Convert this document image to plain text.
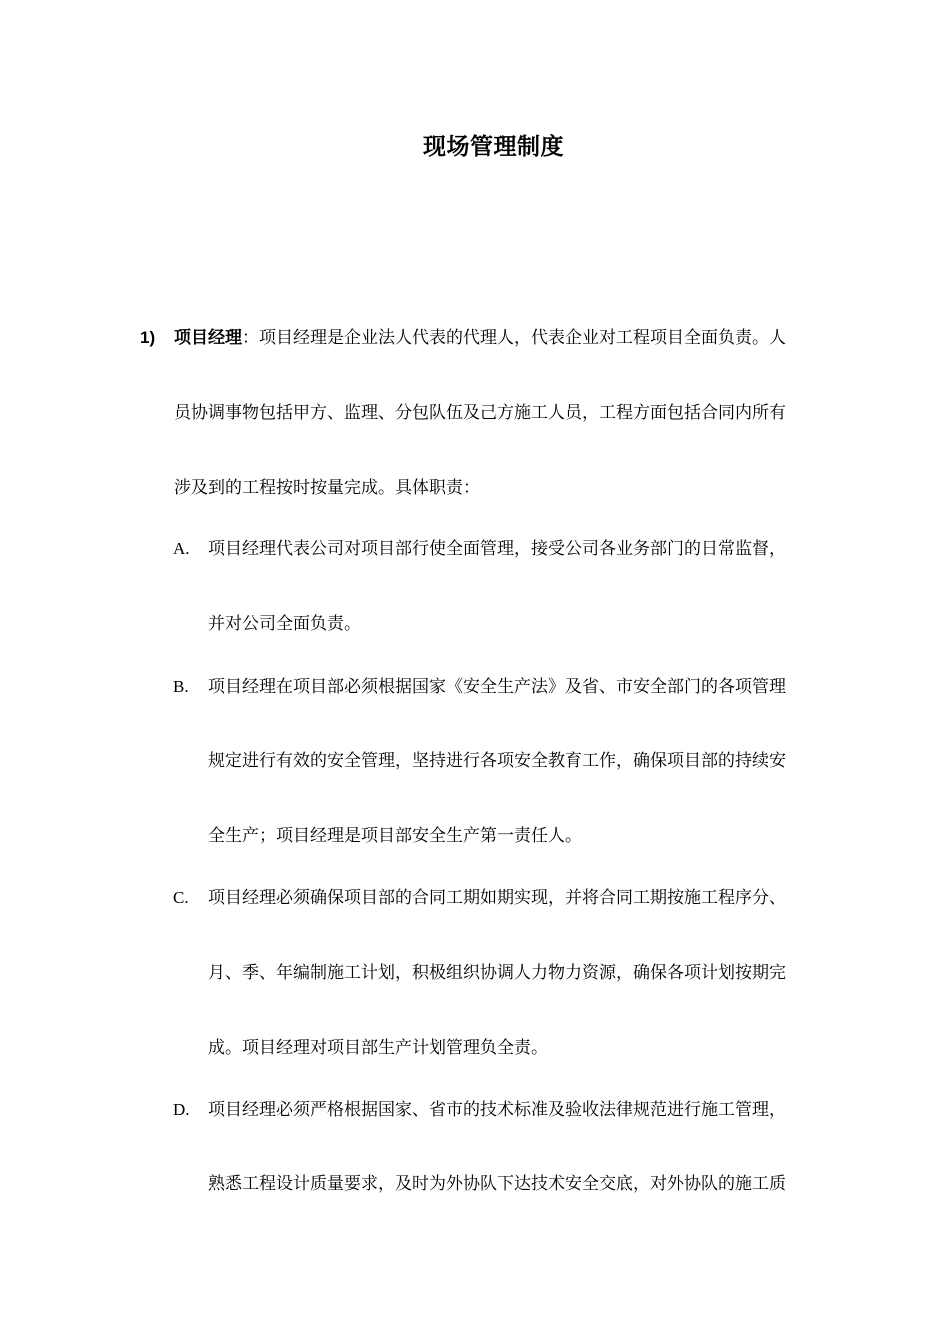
现场管理制度
1) 项目经理：项目经理是企业法人代表的代理人，代表企业对工程项目全面负责。人
员协调事物包括甲方、监理、分包队伍及己方施工人员，工程方面包括合同内所有
涉及到的工程按时按量完成。具体职责：
A. 项目经理代表公司对项目部行使全面管理，接受公司各业务部门的日常监督，
并对公司全面负责。
B. 项目经理在项目部必须根据国家《安全生产法》及省、市安全部门的各项管理
规定进行有效的安全管理，坚持进行各项安全教育工作，确保项目部的持续安
全生产；项目经理是项目部安全生产第一责任人。
C. 项目经理必须确保项目部的合同工期如期实现，并将合同工期按施工程序分、
月、季、年编制施工计划，积极组织协调人力物力资源，确保各项计划按期完
成。项目经理对项目部生产计划管理负全责。
D. 项目经理必须严格根据国家、省市的技术标准及验收法律规范进行施工管理，
熟悉工程设计质量要求，及时为外协队下达技术安全交底，对外协队的施工质
